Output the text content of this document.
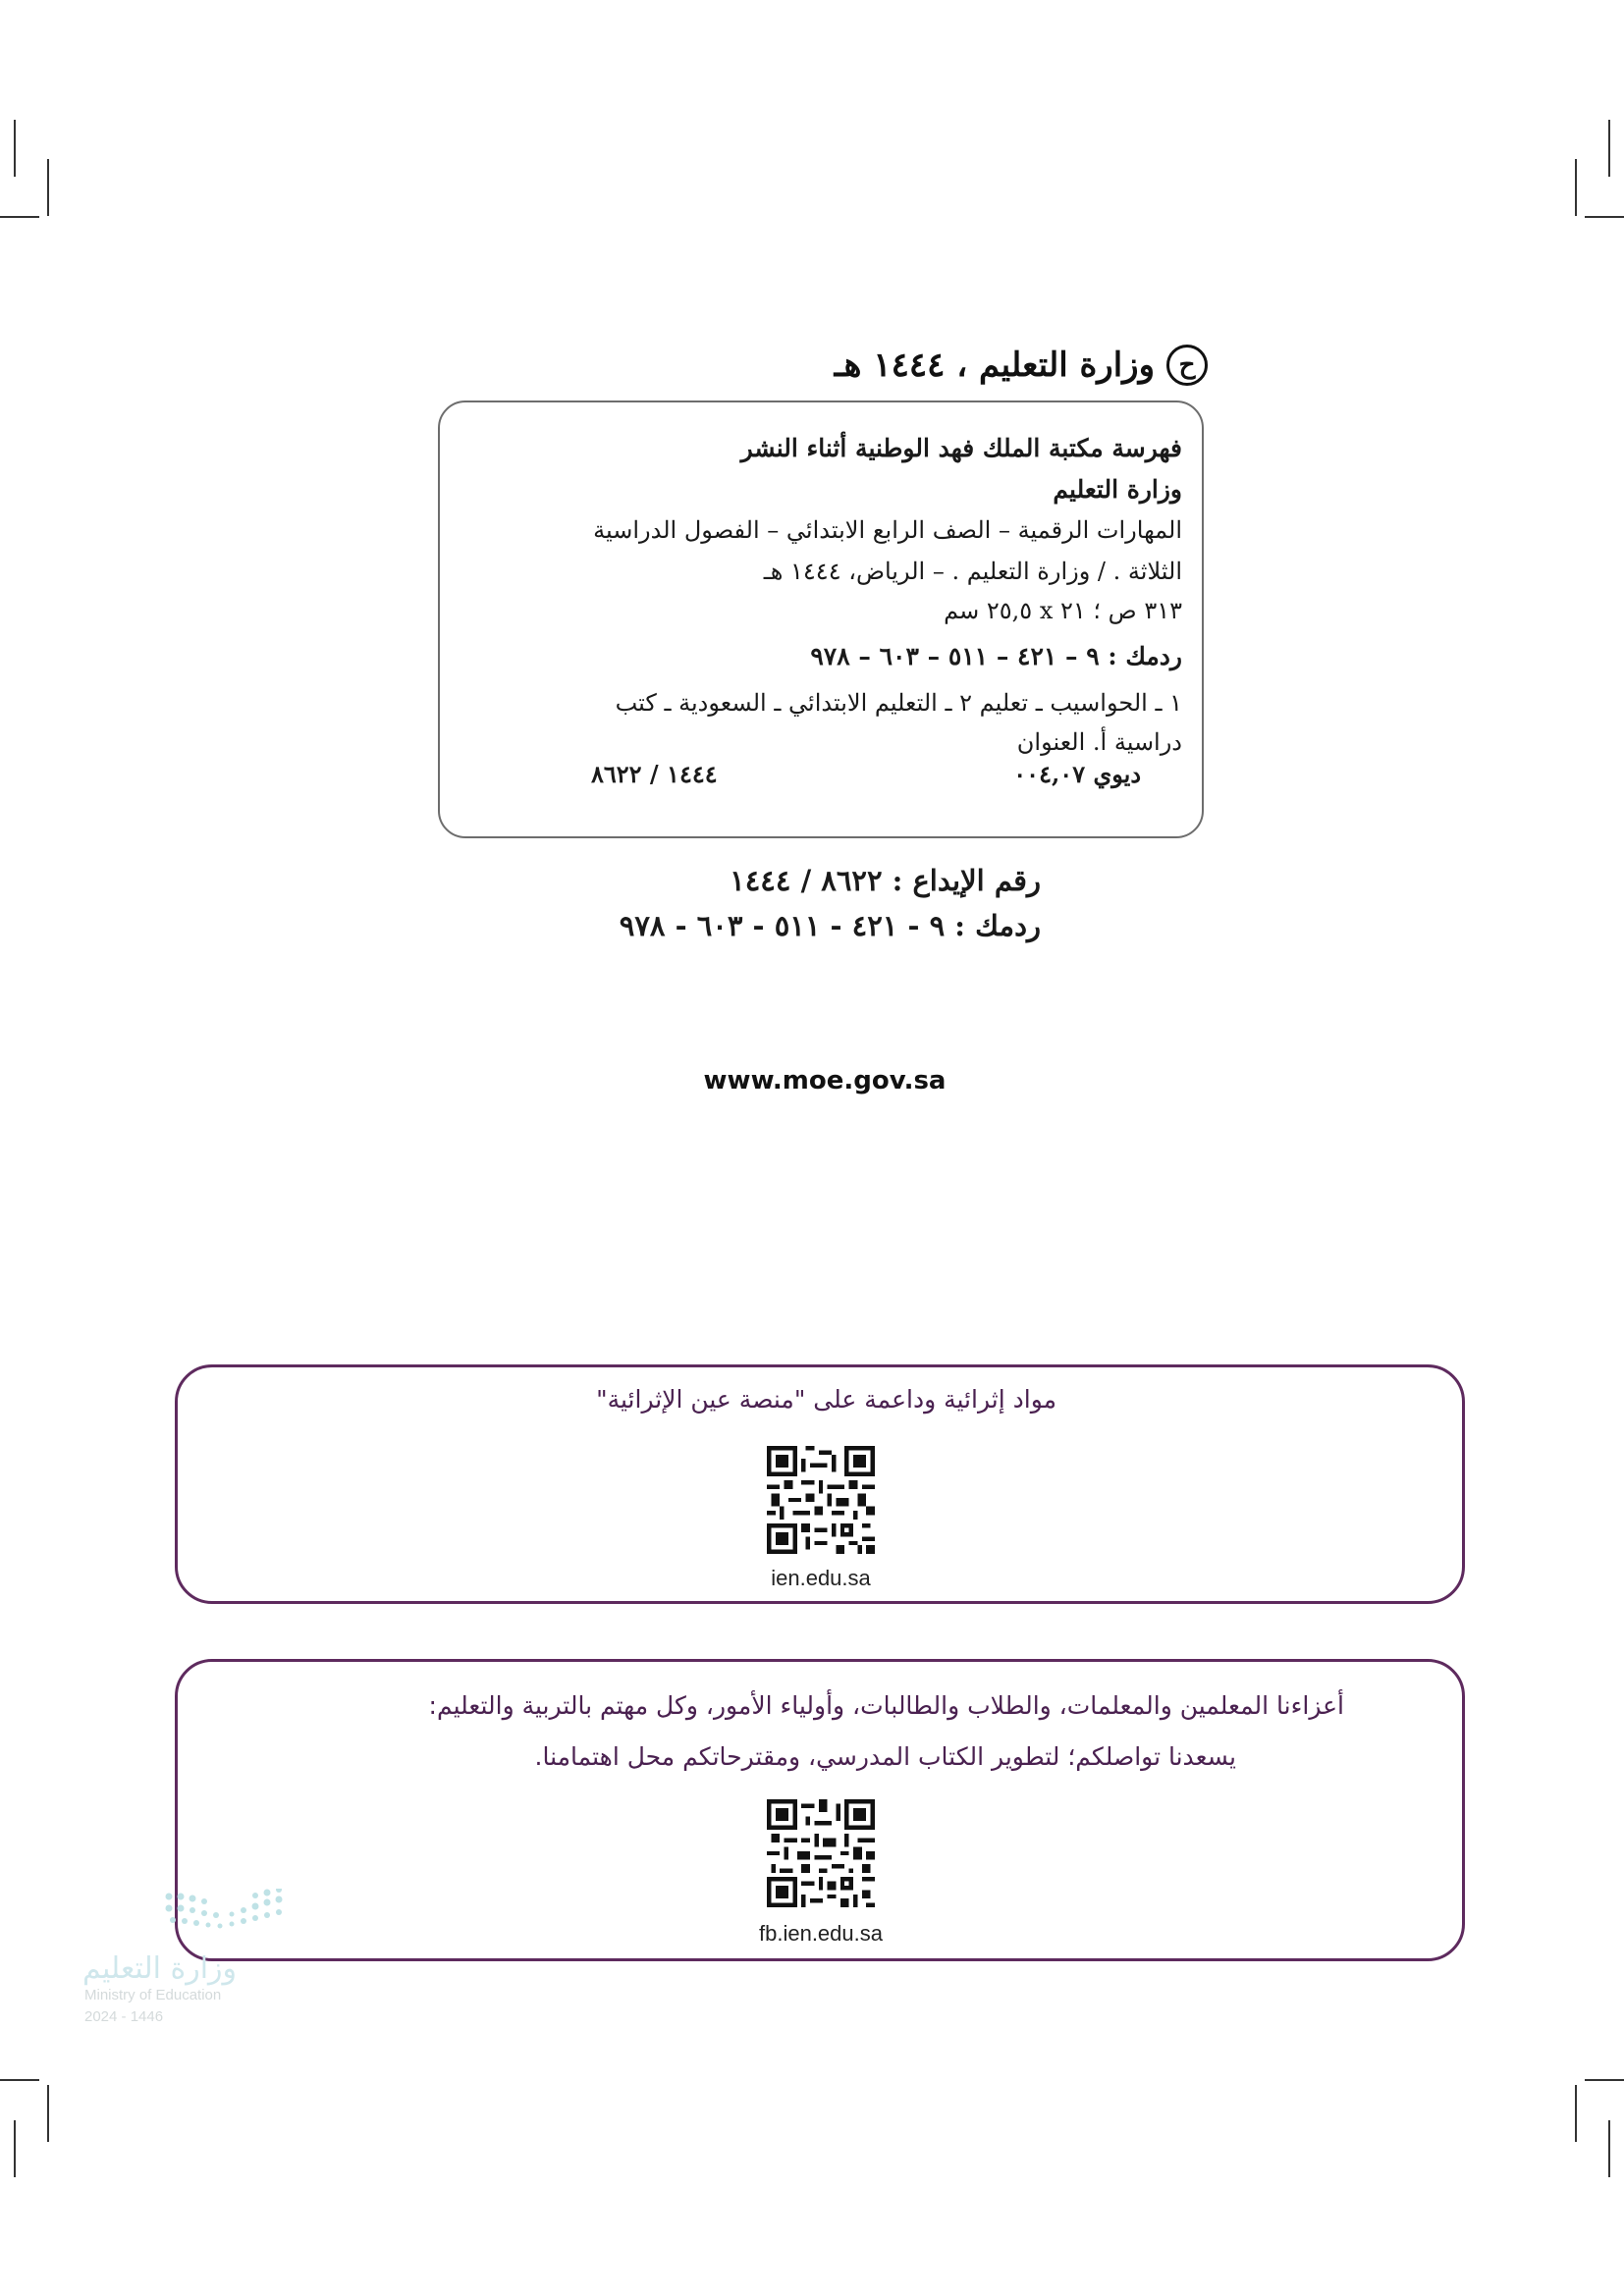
ح
وزارة التعليم ، ١٤٤٤ هـ
فهرسة مكتبة الملك فهد الوطنية أثناء النشر
وزارة التعليم
المهارات الرقمية – الصف الرابع الابتدائي – الفصول الدراسية
الثلاثة . / وزارة التعليم . – الرياض، ١٤٤٤ هـ
٣١٣ ص ؛ ٢١ x ٢٥,٥ سم
ردمك : ٩ – ٤٢١ – ٥١١ – ٦٠٣ – ٩٧٨
١ ـ الحواسيب ـ تعليم ٢ ـ التعليم الابتدائي ـ السعودية ـ كتب
دراسية أ. العنوان
ديوي ٠٠٤,٠٧
١٤٤٤ / ٨٦٢٢
رقم الإيداع : ٨٦٢٢ / ١٤٤٤
ردمك : ٩ - ٤٢١ - ٥١١ - ٦٠٣ - ٩٧٨
www.moe.gov.sa
مواد إثرائية وداعمة على "منصة عين الإثرائية"
ien.edu.sa
أعزاءنا المعلمين والمعلمات، والطلاب والطالبات، وأولياء الأمور، وكل مهتم بالتربية والتعليم:
يسعدنا تواصلكم؛ لتطوير الكتاب المدرسي، ومقترحاتكم محل اهتمامنا.
fb.ien.edu.sa
وزارة التعليم
Ministry of Education
2024 - 1446
